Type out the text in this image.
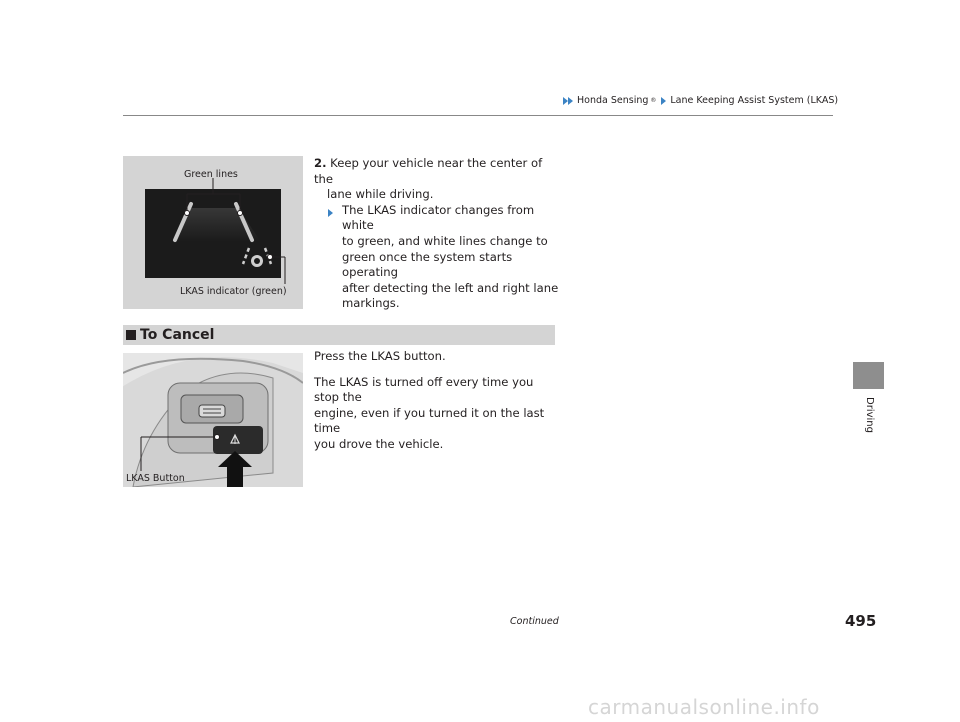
Honda Sensing ® Lane Keeping Assist System (LKAS)
Driving
Green lines
LKAS indicator (green)
2. Keep your vehicle near the center of the
lane while driving.
The LKAS indicator changes from white
to green, and white lines change to
green once the system starts operating
after detecting the left and right lane
markings.
To Cancel
LKAS Button

Press the LKAS button.

The LKAS is turned off every time you stop the
engine, even if you turned it on the last time
you drove the vehicle.

Continued	495
carmanualsonline.info
